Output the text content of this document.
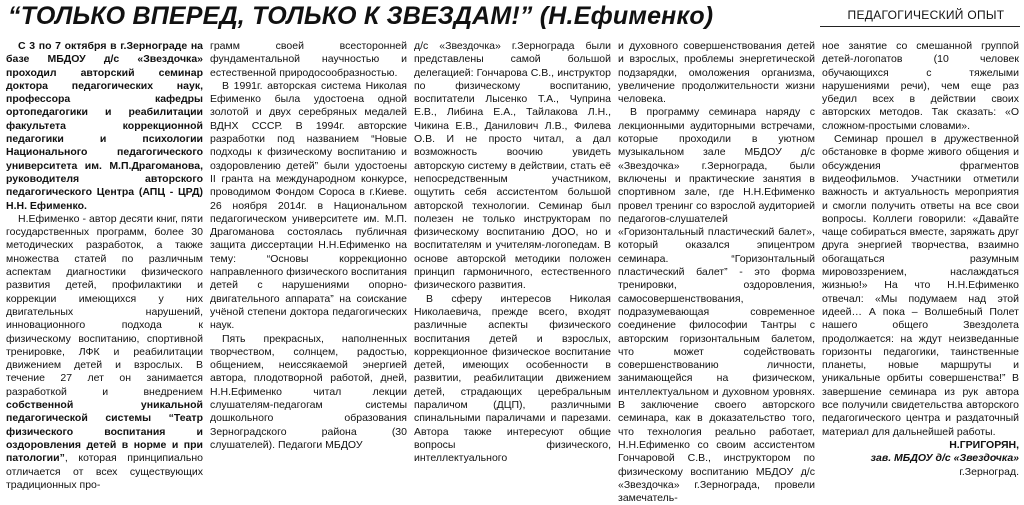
“ТОЛЬКО ВПЕРЕД, ТОЛЬКО К ЗВЕЗДАМ!” (Н.Ефименко)	ПЕДАГОГИЧЕСКИЙ ОПЫТ

С 3 по 7 октября в г.Зерноградe на базе МБДОУ д/с «Звездочка» проходил авторский семинар доктора педагогических наук, профессора кафедры ортопедагогики и реабилитации факультета коррекционной педагогики и психологии Национального педагогического университета им. М.П.Драгоманова, руководителя авторского педагогического Центра (АПЦ - ЦРД) Н.Н. Ефименко.

Н.Ефименко - автор десяти книг, пяти государственных программ, более 30 методических разработок, а также множества статей по различным аспектам диагностики физического развития детей, профилактики и коррекции имеющихся у них двигательных нарушений, инновационного подхода к физическому воспитанию, спортивной тренировке, ЛФК и реабилитации движением детей и взрослых. В течение 27 лет он занимается разработкой и внедрением собственной уникальной педагогической системы “Театр физического воспитания и оздоровления детей в норме и при патологии”, которая принципиально отличается от всех существующих традиционных про-

грамм своей всесторонней фундаментальной научностью и естественной природосообразностью.

В 1991г. авторская система Николая Ефименко была удостоена одной золотой и двух серебряных медалей ВДНХ СССР. В 1994г. авторские разработки под названием “Новые подходы к физическому воспитанию и оздоровлению детей” были удостоены II гранта на международном конкурсе, проводимом Фондом Сороса в г.Киеве. 26 ноября 2014г. в Национальном педагогическом университете им. М.П. Драгоманова состоялась публичная защита диссертации Н.Н.Ефименко на тему: “Основы коррекционно направленного физического воспитания детей с нарушениями опорно-двигательного аппарата” на соискание учёной степени доктора педагогических наук.

Пять прекрасных, наполненных творчеством, солнцем, радостью, общением, неиссякаемой энергией автора, плодотворной работой, дней, Н.Н.Ефименко читал лекции слушателям-педагогам системы дошкольного образования Зерноградского района (30 слушателей). Педагоги МБДОУ

д/с «Звездочка» г.Зернограда были представлены самой большой делегацией: Гончарова С.В., инструктор по физическому воспитанию, воспитатели Лысенко Т.А., Чуприна Е.В., Либина Е.А., Тайлакова Л.Н., Чикина Е.В., Данилович Л.В., Филева О.В. И не просто читал, а дал возможность воочию увидеть авторскую систему в действии, стать её непосредственным участником, ощутить себя ассистентом большой авторской технологии. Семинар был полезен не только инструкторам по физическому воспитанию ДОО, но и воспитателям и учителям-логопедам. В основе авторской методики положен принцип гармоничного, естественного физического развития.

В сферу интересов Николая Николаевича, прежде всего, входят различные аспекты физического воспитания детей и взрослых, коррекционное физическое воспитание детей, имеющих особенности в развитии, реабилитации движением детей, страдающих церебральным параличом (ДЦП), различными спинальными параличами и парезами. Автора также интересуют общие вопросы физического, интеллектуального

и духовного совершенствования детей и взрослых, проблемы энергетической подзарядки, омоложения организма, увеличение продолжительности жизни человека.

В программу семинара наряду с лекционными аудиторными встречами, которые проходили в уютном музыкальном зале МБДОУ д/с «Звездочка» г.Зернограда, были включены и практические занятия в спортивном зале, где Н.Н.Ефименко провел тренинг со взрослой аудиторией педагогов-слушателей «Горизонтальный пластический балет», который оказался эпицентром семинара. “Горизонтальный пластический балет” - это форма тренировки, оздоровления, самосовершенствования, подразумевающая современное соединение философии Тантры с авторским горизонтальным балетом, что может содействовать совершенствованию личности, занимающейся на физическом, интеллектуальном и духовном уровнях. В заключение своего авторского семинара, как в доказательство того, что технология реально работает, Н.Н.Ефименко со своим ассистентом Гончаровой С.В., инструктором по физическому воспитанию МБДОУ д/с «Звездочка» г.Зернограда, провели замечатель-

ное занятие со смешанной группой детей-логопатов (10 человек обучающихся с тяжелыми нарушениями речи), чем еще раз убедил всех в действии своих авторских методов. Так сказать: «О сложном-простыми словами».

Семинар прошел в дружественной обстановке в форме живого общения и обсуждения фрагментов видеофильмов. Участники отметили важность и актуальность мероприятия и смогли получить ответы на все свои вопросы. Коллеги говорили: «Давайте чаще собираться вместе, заряжать друг друга энергией творчества, взаимно обогащаться разумным мировоззрением, наслаждаться жизнью!» На что Н.Н.Ефименко отвечал: «Мы подумаем над этой идеей… А пока – Волшебный Полет нашего общего Звездолета продолжается: на ждут неизведанные горизонты педагогики, таинственные планеты, новые маршруты и уникальные орбиты совершенства!” В завершение семинара из рук автора все получили свидетельства авторского педагогического центра и раздаточный материал для дальнейшей работы.

Н.ГРИГОРЯН,

зав. МБДОУ д/с «Звездочка»

г.Зерноград.
